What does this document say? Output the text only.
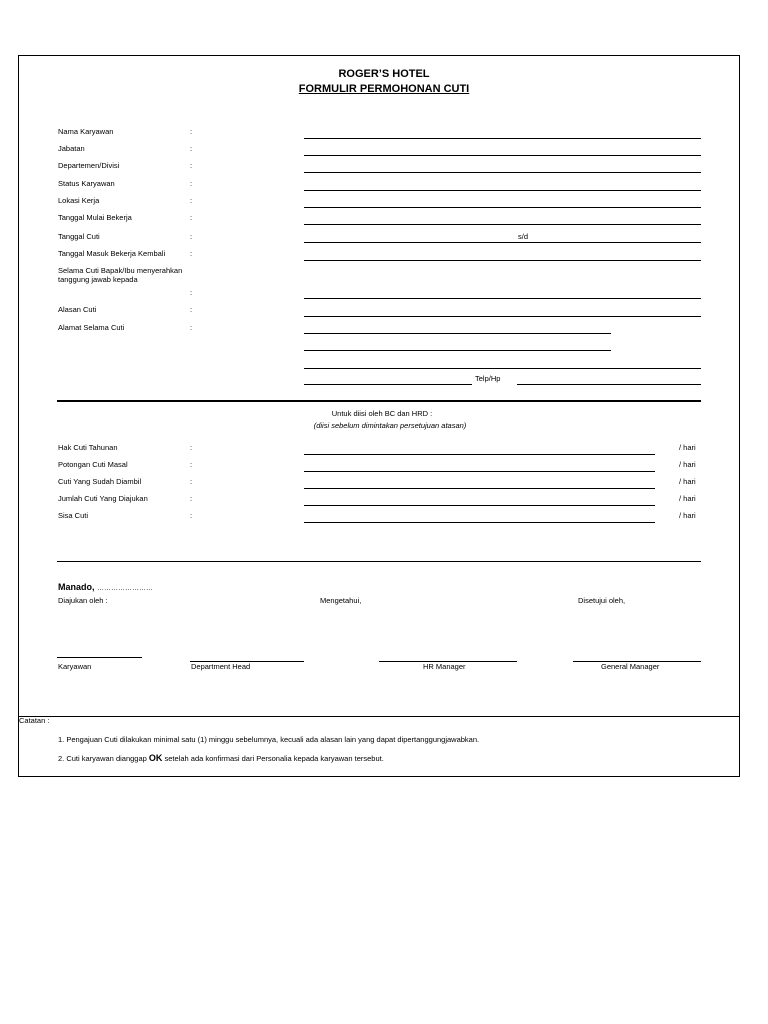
ROGER’S HOTEL
FORMULIR PERMOHONAN CUTI
Nama Karyawan	:
Jabatan	:
Departemen/Divisi	:
Status Karyawan	:
Lokasi Kerja	:
Tanggal Mulai Bekerja	:
Tanggal Cuti	:	s/d
Tanggal Masuk Bekerja Kembali	:
Selama Cuti Bapak/Ibu menyerahkan tanggung jawab kepada
:
Alasan Cuti	:
Alamat Selama Cuti	:
Telp/Hp
Untuk diisi oleh BC dan HRD :
(diisi sebelum dimintakan persetujuan atasan)
Hak Cuti Tahunan	:	/ hari
Potongan Cuti Masal	:	/ hari
Cuti Yang Sudah Diambil	:	/ hari
Jumlah Cuti Yang Diajukan	:	/ hari
Sisa Cuti	:	/ hari
Manado, ……………………
Diajukan oleh :	Mengetahui,	Disetujui oleh,
Karyawan	Department Head	HR Manager	General Manager
Catatan :
1. Pengajuan Cuti dilakukan minimal satu (1) minggu sebelumnya, kecuali ada alasan lain yang dapat dipertanggungjawabkan.
2. Cuti karyawan dianggap OK setelah ada konfirmasi dari Personalia kepada karyawan tersebut.
